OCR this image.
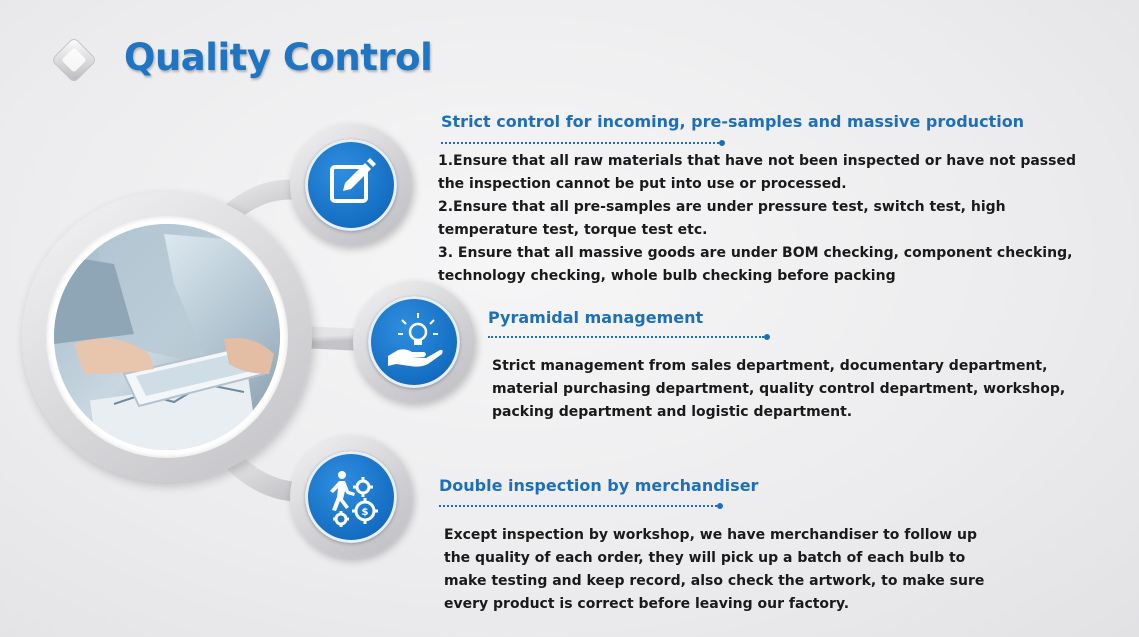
Quality Control
$
Strict control for incoming, pre-samples and massive production

1.Ensure that all raw materials that have not been inspected or have not passed the inspection cannot be put into use or processed.

2.Ensure that all pre-samples are under pressure test, switch test, high temperature test, torque test etc.

3. Ensure that all massive goods are under BOM checking, component checking, technology checking, whole bulb checking before packing

Pyramidal management

Strict management from sales department, documentary department, material purchasing department, quality control department, workshop, packing department and logistic department.

Double inspection by merchandiser

Except inspection by workshop, we have merchandiser to follow up the quality of each order, they will pick up a batch of each bulb to make testing and keep record, also check the artwork, to make sure every product is correct before leaving our factory.
